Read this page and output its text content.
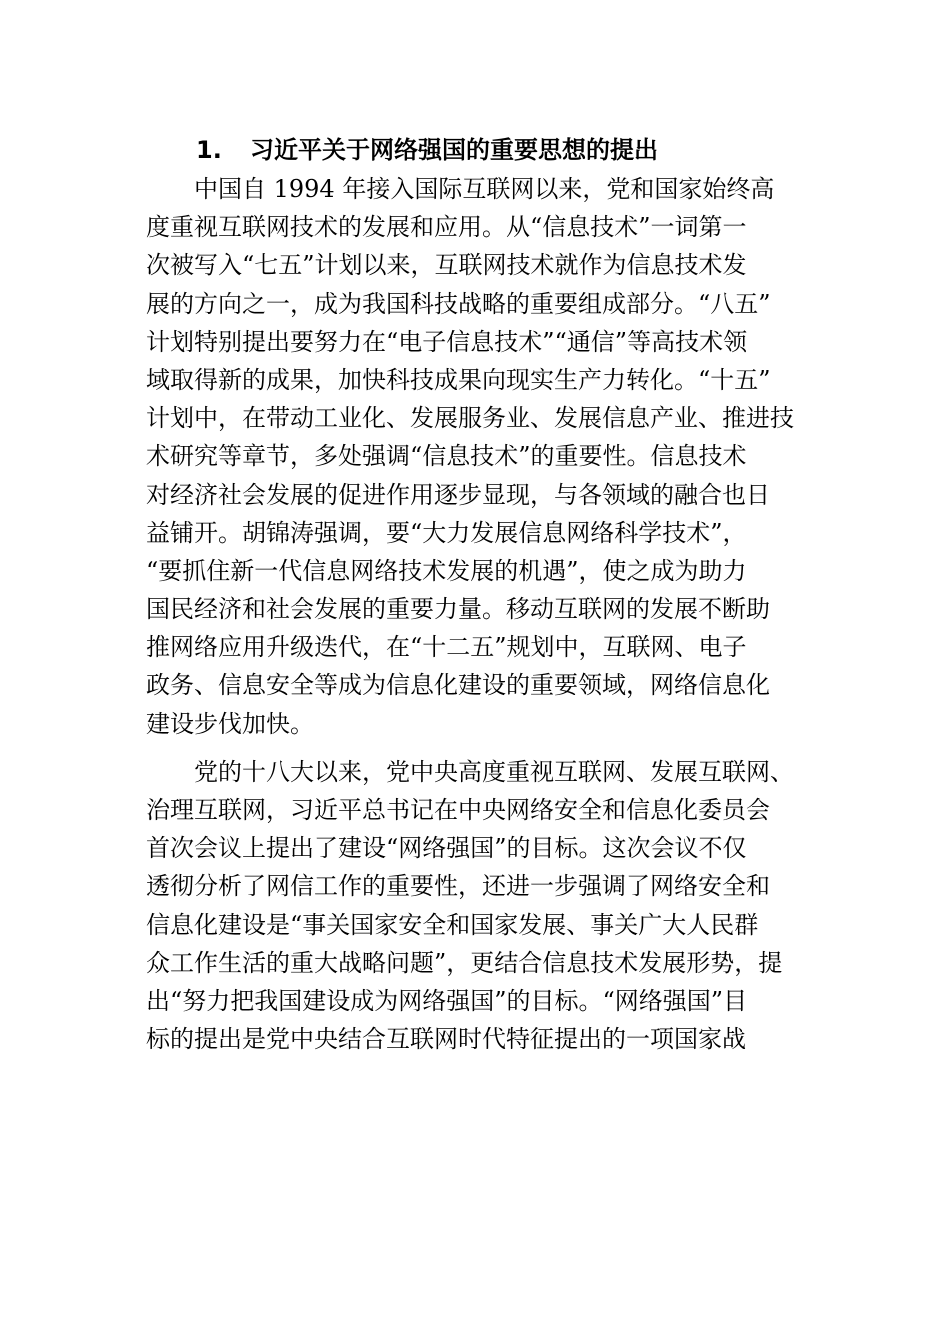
1. 习近平关于网络强国的重要思想的提出
中国自 1994 年接入国际互联网以来，党和国家始终高
度重视互联网技术的发展和应用。从“信息技术”一词第一
次被写入“七五”计划以来，互联网技术就作为信息技术发
展的方向之一，成为我国科技战略的重要组成部分。“八五”
计划特别提出要努力在“电子信息技术”“通信”等高技术领
域取得新的成果，加快科技成果向现实生产力转化。“十五”
计划中，在带动工业化、发展服务业、发展信息产业、推进技
术研究等章节，多处强调“信息技术”的重要性。信息技术
对经济社会发展的促进作用逐步显现，与各领域的融合也日
益铺开。胡锦涛强调，要“大力发展信息网络科学技术”，
“要抓住新一代信息网络技术发展的机遇”，使之成为助力
国民经济和社会发展的重要力量。移动互联网的发展不断助
推网络应用升级迭代，在“十二五”规划中，互联网、电子
政务、信息安全等成为信息化建设的重要领域，网络信息化
建设步伐加快。
党的十八大以来，党中央高度重视互联网、发展互联网、
治理互联网，习近平总书记在中央网络安全和信息化委员会
首次会议上提出了建设“网络强国”的目标。这次会议不仅
透彻分析了网信工作的重要性，还进一步强调了网络安全和
信息化建设是“事关国家安全和国家发展、事关广大人民群
众工作生活的重大战略问题”，更结合信息技术发展形势，提
出“努力把我国建设成为网络强国”的目标。“网络强国”目
标的提出是党中央结合互联网时代特征提出的一项国家战
